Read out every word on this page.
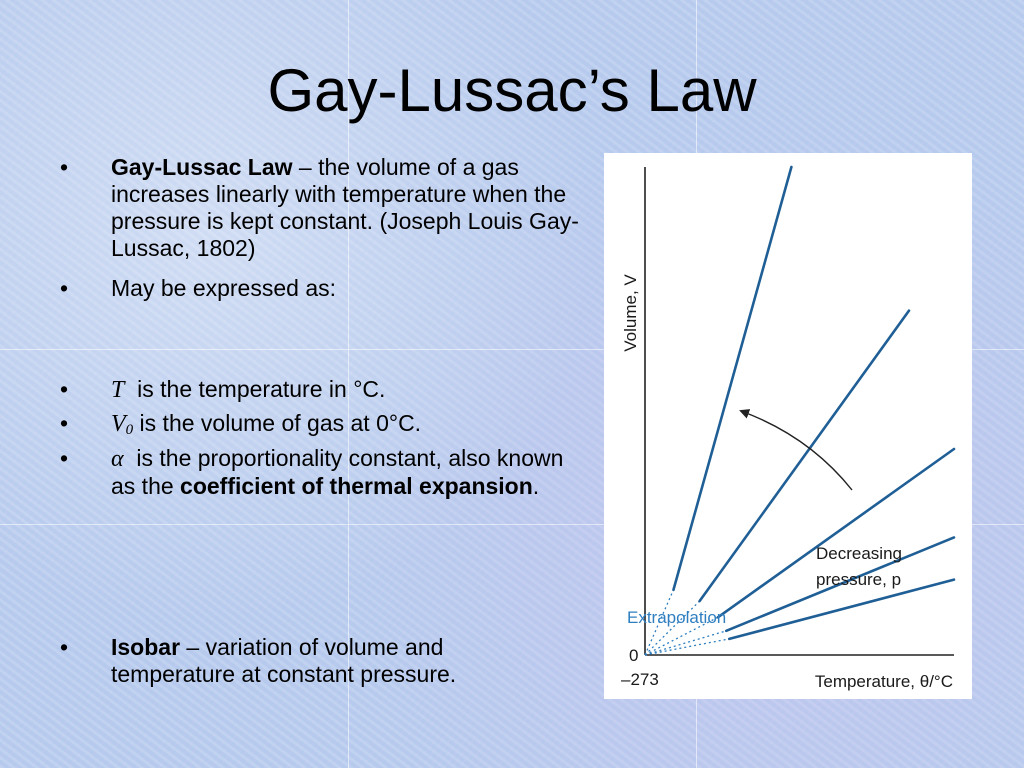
Gay-Lussac’s Law
•	Gay-Lussac Law – the volume of a gas increases linearly with temperature when the pressure is kept constant. (Joseph Louis Gay-Lussac, 1802)
•	May be expressed as:
•	T  is the temperature in °C.
•	$V_0$ is the volume of gas at 0°C.
•	α  is the proportionality constant, also known as the coefficient of thermal expansion.
•	Isobar – variation of volume and temperature at constant pressure.
Volume, V
0
–273	Temperature, θ/°C
Extrapolation
Decreasing
pressure, p
